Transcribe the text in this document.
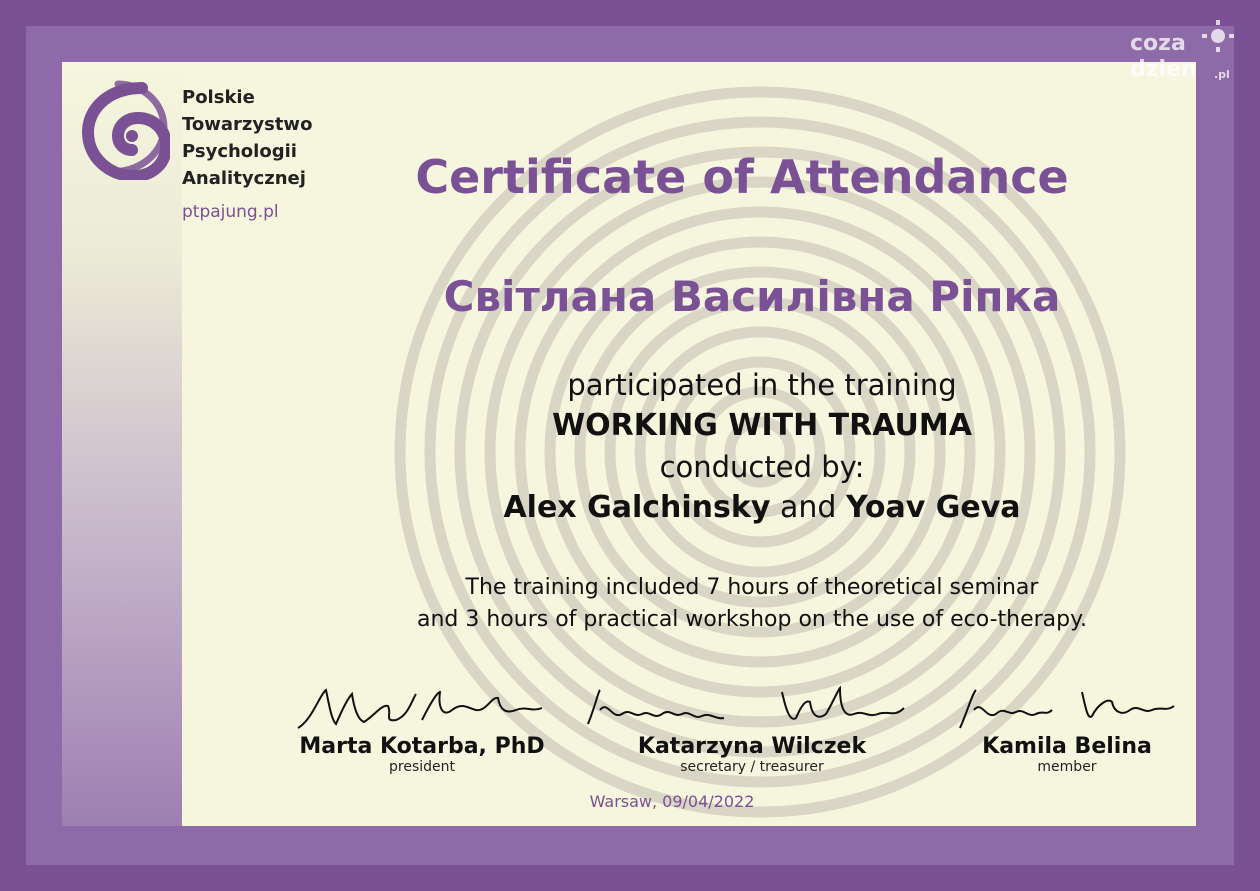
Polskie
Towarzystwo
Psychologii
Analitycznej
ptpajung.pl
Certificate of Attendance
Світлана Василівна Ріпка
participated in the training
WORKING WITH TRAUMA
conducted by:
Alex Galchinsky and Yoav Geva
The training included 7 hours of theoretical seminar
and 3 hours of practical workshop on the use of eco-therapy.
Marta Kotarba, PhD
president
Katarzyna Wilczek
secretary / treasurer
Kamila Belina
member
Warsaw, 09/04/2022
coza
dzien .pl
